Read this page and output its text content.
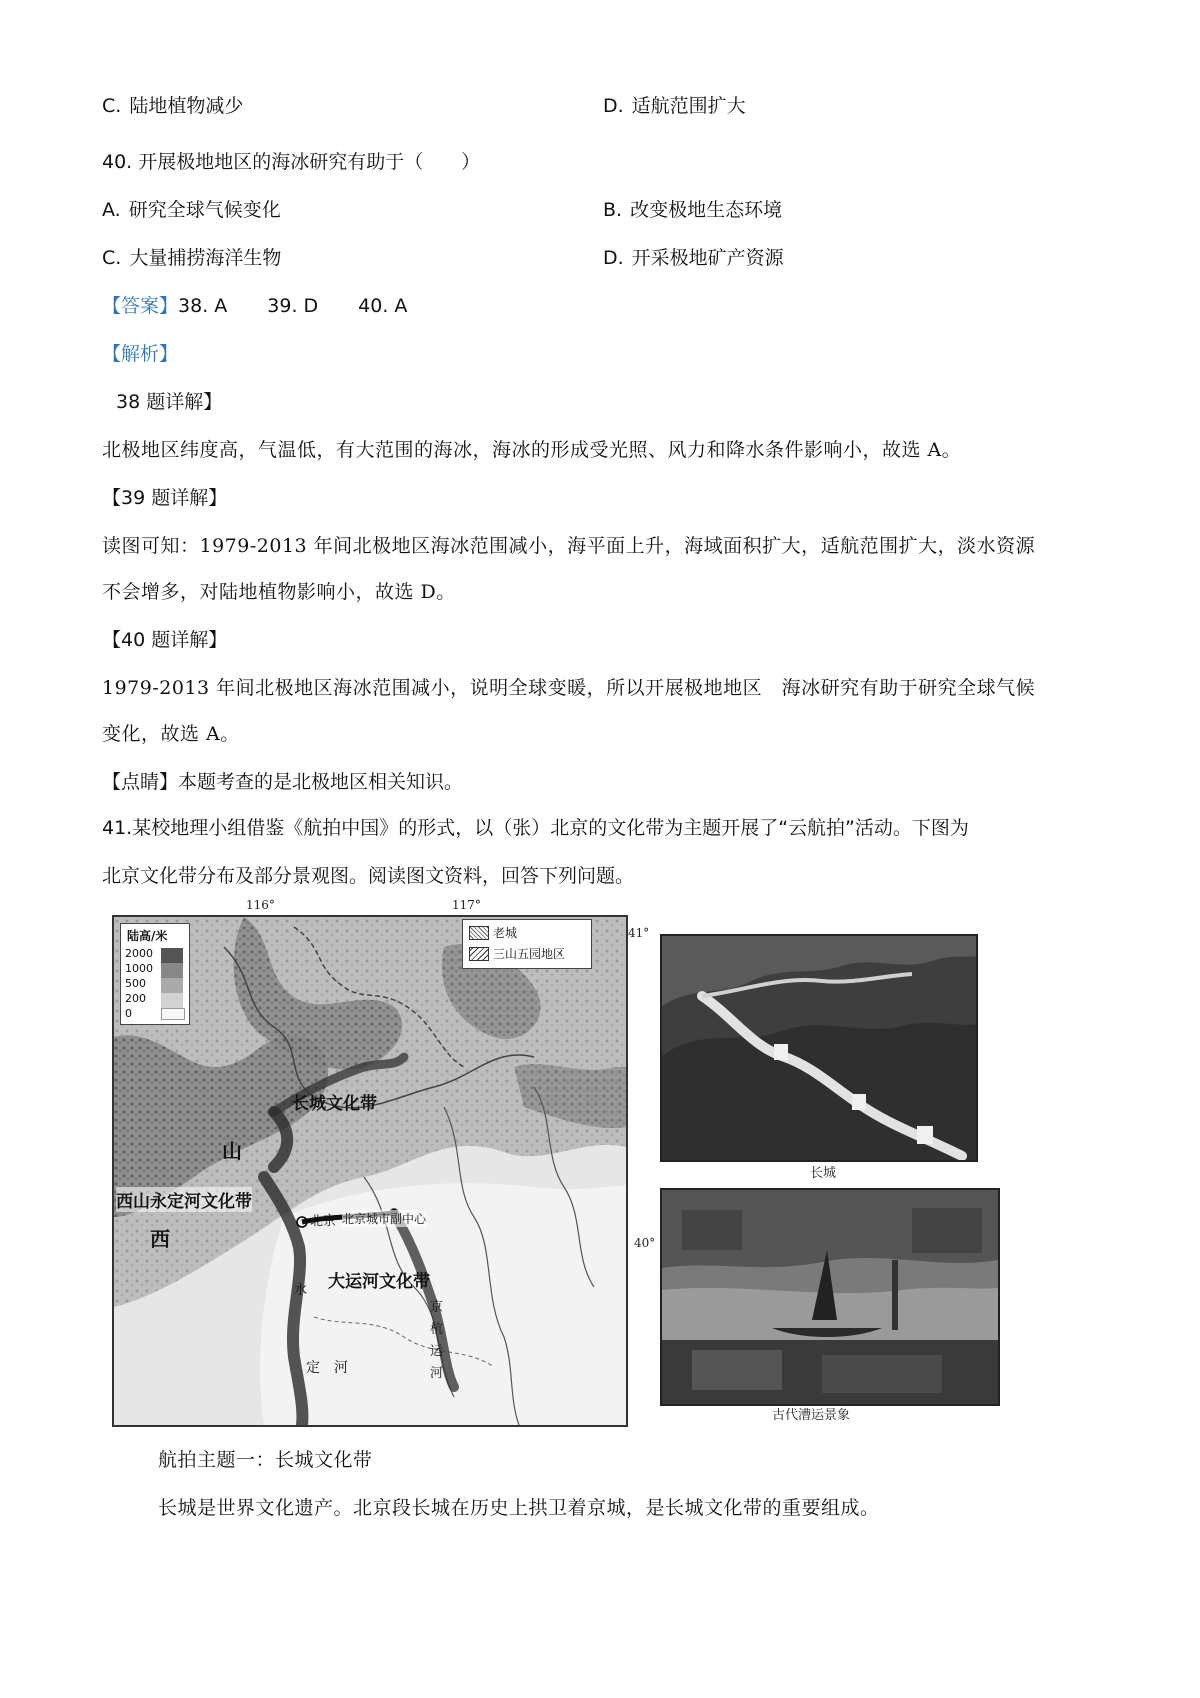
C. 陆地植物减少	D. 适航范围扩大
40. 开展极地地区的海冰研究有助于（　　）
A. 研究全球气候变化	B. 改变极地生态环境
C. 大量捕捞海洋生物	D. 开采极地矿产资源
【答案】38. A 39. D 40. A
【解析】
38 题详解】
北极地区纬度高，气温低，有大范围的海冰，海冰的形成受光照、风力和降水条件影响小，故选 A。
【39 题详解】
读图可知：1979-2013 年间北极地区海冰范围减小，海平面上升，海域面积扩大，适航范围扩大，淡水资源
不会增多，对陆地植物影响小，故选 D。
【40 题详解】
1979-2013 年间北极地区海冰范围减小，说明全球变暖，所以开展极地地区　海冰研究有助于研究全球气候
变化，故选 A。
【点睛】本题考查的是北极地区相关知识。
41.某校地理小组借鉴《航拍中国》的形式，以（张）北京的文化带为主题开展了“云航拍”活动。下图为
北京文化带分布及部分景观图。阅读图文资料，回答下列问题。
116°	117°
41°
40°
陆高/米
2000
1000
500
200
0
老城
三山五园地区
长城文化带
山
西山永定河文化带
西
北京 北京城市副中心
大运河文化带
水
定　河
京
杭
运
河
长城
古代漕运景象
航拍主题一：长城文化带
长城是世界文化遗产。北京段长城在历史上拱卫着京城，是长城文化带的重要组成。
